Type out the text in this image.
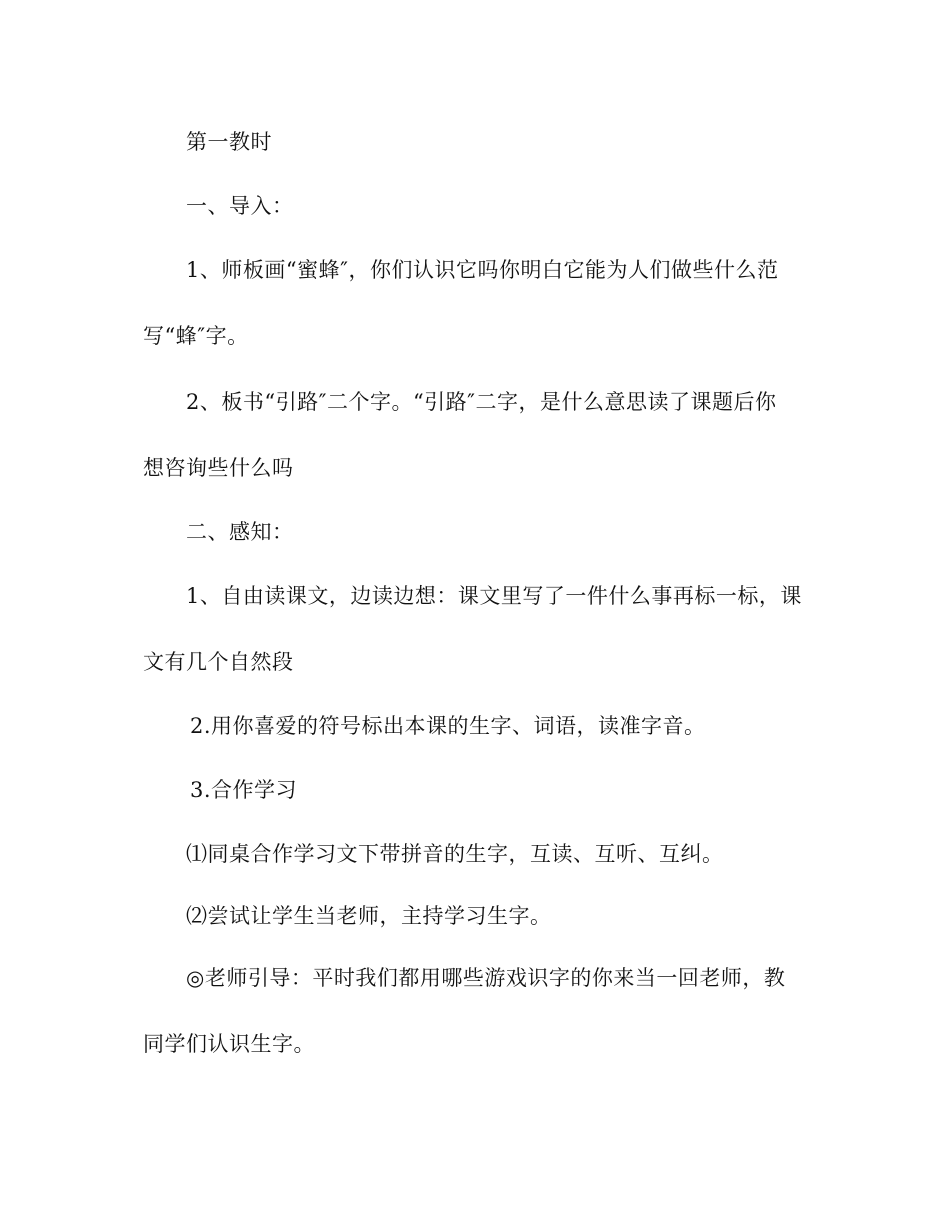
第一教时
一、导入：
1、师板画“蜜蜂″，你们认识它吗你明白它能为人们做些什么范
写“蜂″字。
2、板书“引路″二个字。“引路″二字，是什么意思读了课题后你
想咨询些什么吗
二、感知：
1、自由读课文，边读边想：课文里写了一件什么事再标一标，课
文有几个自然段
2.用你喜爱的符号标出本课的生字、词语，读准字音。
3.合作学习
⑴同桌合作学习文下带拼音的生字，互读、互听、互纠。
⑵尝试让学生当老师，主持学习生字。
◎老师引导：平时我们都用哪些游戏识字的你来当一回老师，教
同学们认识生字。
